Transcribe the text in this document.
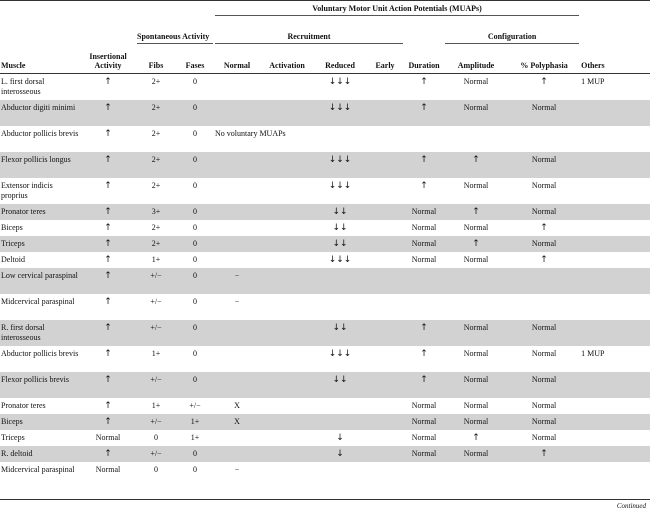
				Voluntary Motor Unit Action Potentials (MUAPs)							

		Spontaneous Activity		Recruitment					Configuration		

Muscle	Insertional Activity	Fibs	Fases	Normal	Activation	Reduced	Early	Duration	Amplitude	% Polyphasia	Others
L. first dorsal interosseous	↑	2+	0			↓↓↓		↑	Normal	↑	1 MUP
Abductor digiti minimi	↑	2+	0			↓↓↓		↑	Normal	Normal	
Abductor pollicis brevis	↑	2+	0	No voluntary MUAPs							
Flexor pollicis longus	↑	2+	0			↓↓↓		↑	↑	Normal	
Extensor indicis proprius	↑	2+	0			↓↓↓		↑	Normal	Normal	
Pronator teres	↑	3+	0			↓↓		Normal	↑	Normal	
Biceps	↑	2+	0			↓↓		Normal	Normal	↑	
Triceps	↑	2+	0			↓↓		Normal	↑	Normal	
Deltoid	↑	1+	0			↓↓↓		Normal	Normal	↑	
Low cervical paraspinal	↑	+/−	0	−							
Midcervical paraspinal	↑	+/−	0	−							
R. first dorsal interosseous	↑	+/−	0			↓↓		↑	Normal	Normal	
Abductor pollicis brevis	↑	1+	0			↓↓↓		↑	Normal	Normal	1 MUP
Flexor pollicis brevis	↑	+/−	0			↓↓		↑	Normal	Normal	
Pronator teres	↑	1+	+/−	X				Normal	Normal	Normal	
Biceps	↑	+/−	1+	X				Normal	Normal	Normal	
Triceps	Normal	0	1+			↓		Normal	↑	Normal	
R. deltoid	↑	+/−	0			↓		Normal	Normal	↑	
Midcervical paraspinal	Normal	0	0	−							
Continued
